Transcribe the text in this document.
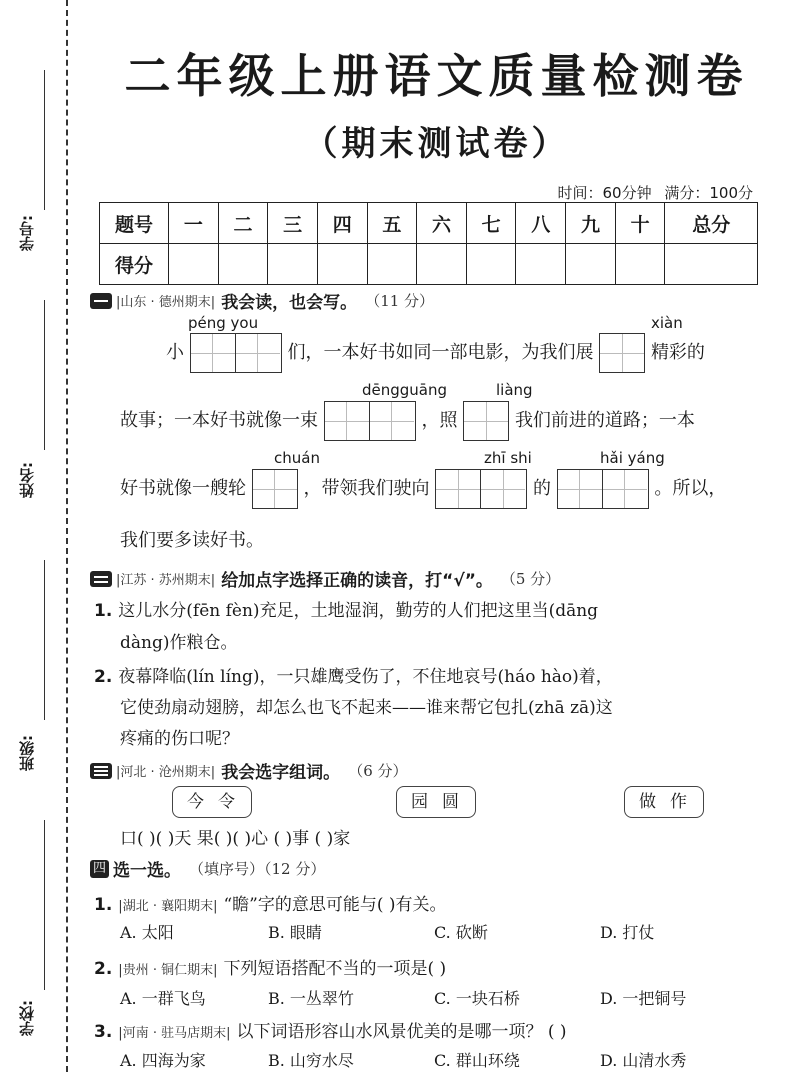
学号:
姓名:
班级:
学校:
二年级上册语文质量检测卷
（期末测试卷）
时间：60分钟 满分：100分
题号	一	二	三	四	五	六	七	八	九	十	总分
得分											
|山东 · 德州期末| 我会读，也会写。 （11 分）
péng you	xiàn
小	们，一本好书如同一部电影，为我们展	精彩的
dēngguāng	liàng
故事；一本好书就像一束	，照	我们前进的道路；一本
chuán	zhī shi	hǎi yáng
好书就像一艘轮	，带领我们驶向	的	。所以，
我们要多读好书。
|江苏 · 苏州期末| 给加点字选择正确的读音，打“√”。 （5 分）
1. 这儿水分(fēn fèn)充足，土地湿润，勤劳的人们把这里当(dāng
dàng)作粮仓。
2. 夜幕降临(lín líng)，一只雄鹰受伤了，不住地哀号(háo hào)着，
它使劲扇动翅膀，却怎么也飞不起来——谁来帮它包扎(zhā zā)这
疼痛的伤口呢？
|河北 · 沧州期末| 我会选字组词。 （6 分）
今令	园圆	做作
口( )( )天 果( )( )心 ( )事 ( )家
四 选一选。 （填序号）（12 分）
1. |湖北 · 襄阳期末| “瞻”字的意思可能与( )有关。
A. 太阳	B. 眼睛	C. 砍断	D. 打仗
2. |贵州 · 铜仁期末| 下列短语搭配不当的一项是( )
A. 一群飞鸟	B. 一丛翠竹	C. 一块石桥	D. 一把铜号
3. |河南 · 驻马店期末| 以下词语形容山水风景优美的是哪一项？ ( )
A. 四海为家	B. 山穷水尽	C. 群山环绕	D. 山清水秀
